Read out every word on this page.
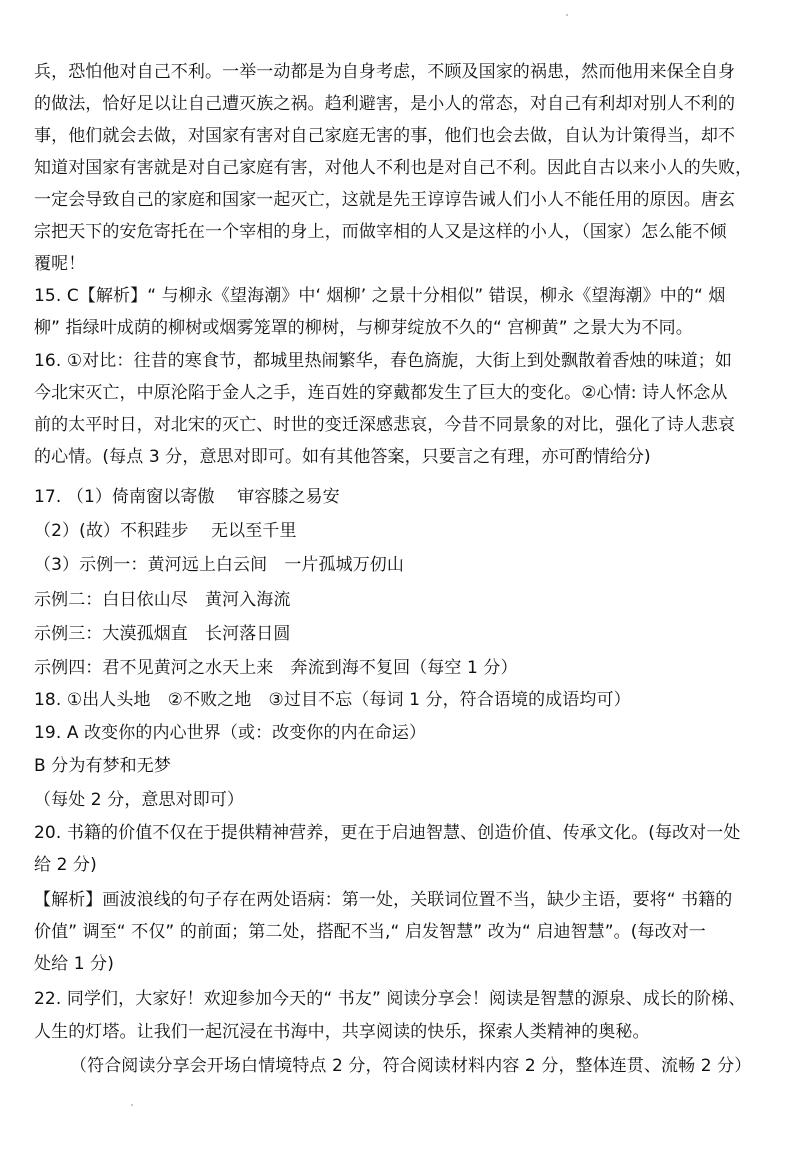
兵，恐怕他对自己不利。一举一动都是为自身考虑，不顾及国家的祸患，然而他用来保全自身
的做法，恰好足以让自己遭灭族之祸。趋利避害，是小人的常态，对自己有利却对别人不利的
事，他们就会去做，对国家有害对自己家庭无害的事，他们也会去做，自认为计策得当，却不
知道对国家有害就是对自己家庭有害，对他人不利也是对自己不利。因此自古以来小人的失败，
一定会导致自己的家庭和国家一起灭亡，这就是先王谆谆告诫人们小人不能任用的原因。唐玄
宗把天下的安危寄托在一个宰相的身上，而做宰相的人又是这样的小人，（国家）怎么能不倾
覆呢！
15. C【解析】“ 与柳永《望海潮》中‘ 烟柳’ 之景十分相似” 错误，柳永《望海潮》中的“ 烟
柳” 指绿叶成荫的柳树或烟雾笼罩的柳树，与柳芽绽放不久的“ 宫柳黄” 之景大为不同。
16. ①对比：往昔的寒食节，都城里热闹繁华，春色旖旎，大街上到处飘散着香烛的味道；如
今北宋灭亡，中原沦陷于金人之手，连百姓的穿戴都发生了巨大的变化。②心情: 诗人怀念从
前的太平时日，对北宋的灭亡、时世的变迁深感悲哀，今昔不同景象的对比，强化了诗人悲哀
的心情。(每点 3 分，意思对即可。如有其他答案，只要言之有理，亦可酌情给分)
17. （1）倚南窗以寄傲　 审容膝之易安
（2）(故）不积跬步　 无以至千里
（3）示例一：黄河远上白云间　一片孤城万仞山
示例二：白日依山尽　黄河入海流
示例三：大漠孤烟直　长河落日圆
示例四：君不见黄河之水天上来　奔流到海不复回（每空 1 分）
18. ①出人头地　②不败之地　③过目不忘（每词 1 分，符合语境的成语均可）
19. A 改变你的内心世界（或：改变你的内在命运）
B 分为有梦和无梦
（每处 2 分，意思对即可）
20. 书籍的价值不仅在于提供精神营养，更在于启迪智慧、创造价值、传承文化。(每改对一处
给 2 分)
【解析】画波浪线的句子存在两处语病：第一处，关联词位置不当，缺少主语，要将“ 书籍的
价值” 调至“ 不仅” 的前面；第二处，搭配不当,“ 启发智慧” 改为“ 启迪智慧”。(每改对一
处给 1 分)
22. 同学们，大家好！欢迎参加今天的“ 书友” 阅读分享会！阅读是智慧的源泉、成长的阶梯、
人生的灯塔。让我们一起沉浸在书海中，共享阅读的快乐，探索人类精神的奥秘。
（符合阅读分享会开场白情境特点 2 分，符合阅读材料内容 2 分，整体连贯、流畅 2 分）
